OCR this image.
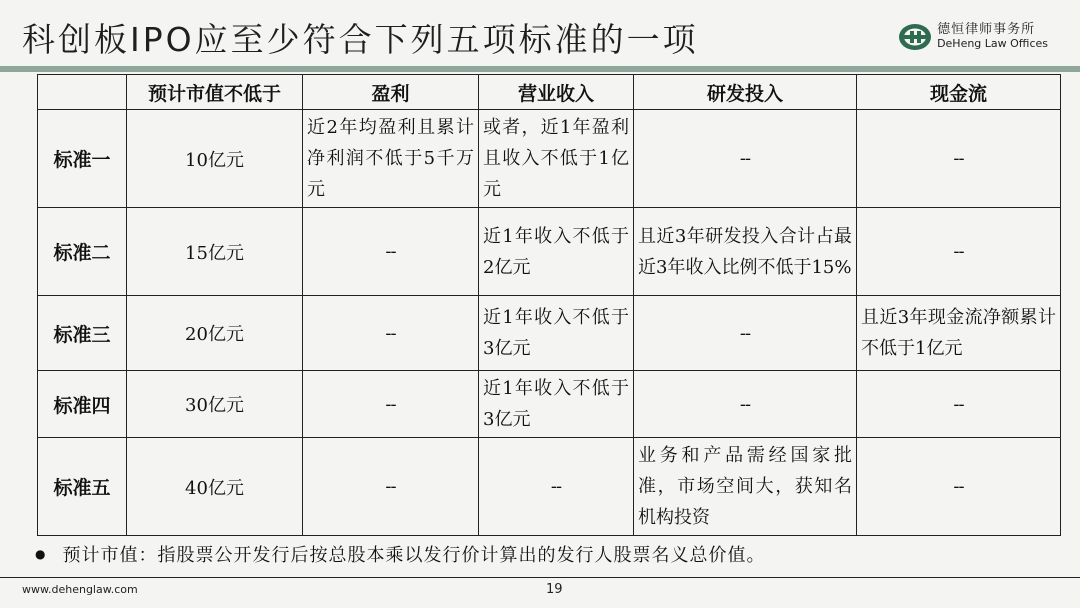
科创板IPO应至少符合下列五项标准的一项	德恒律师事务所
DeHeng Law Offices
	预计市值不低于	盈利	营业收入	研发投入	现金流
标准一	10亿元	近2年均盈利且累计净利润不低于5千万元	或者，近1年盈利且收入不低于1亿元	--	--
标准二	15亿元	--	近1年收入不低于2亿元	且近3年研发投入合计占最近3年收入比例不低于15%	--
标准三	20亿元	--	近1年收入不低于3亿元	--	且近3年现金流净额累计不低于1亿元
标准四	30亿元	--	近1年收入不低于3亿元	--	--
标准五	40亿元	--	--	业务和产品需经国家批准，市场空间大，获知名机构投资	--
● 预计市值：指股票公开发行后按总股本乘以发行价计算出的发行人股票名义总价值。
www.dehenglaw.com	19
